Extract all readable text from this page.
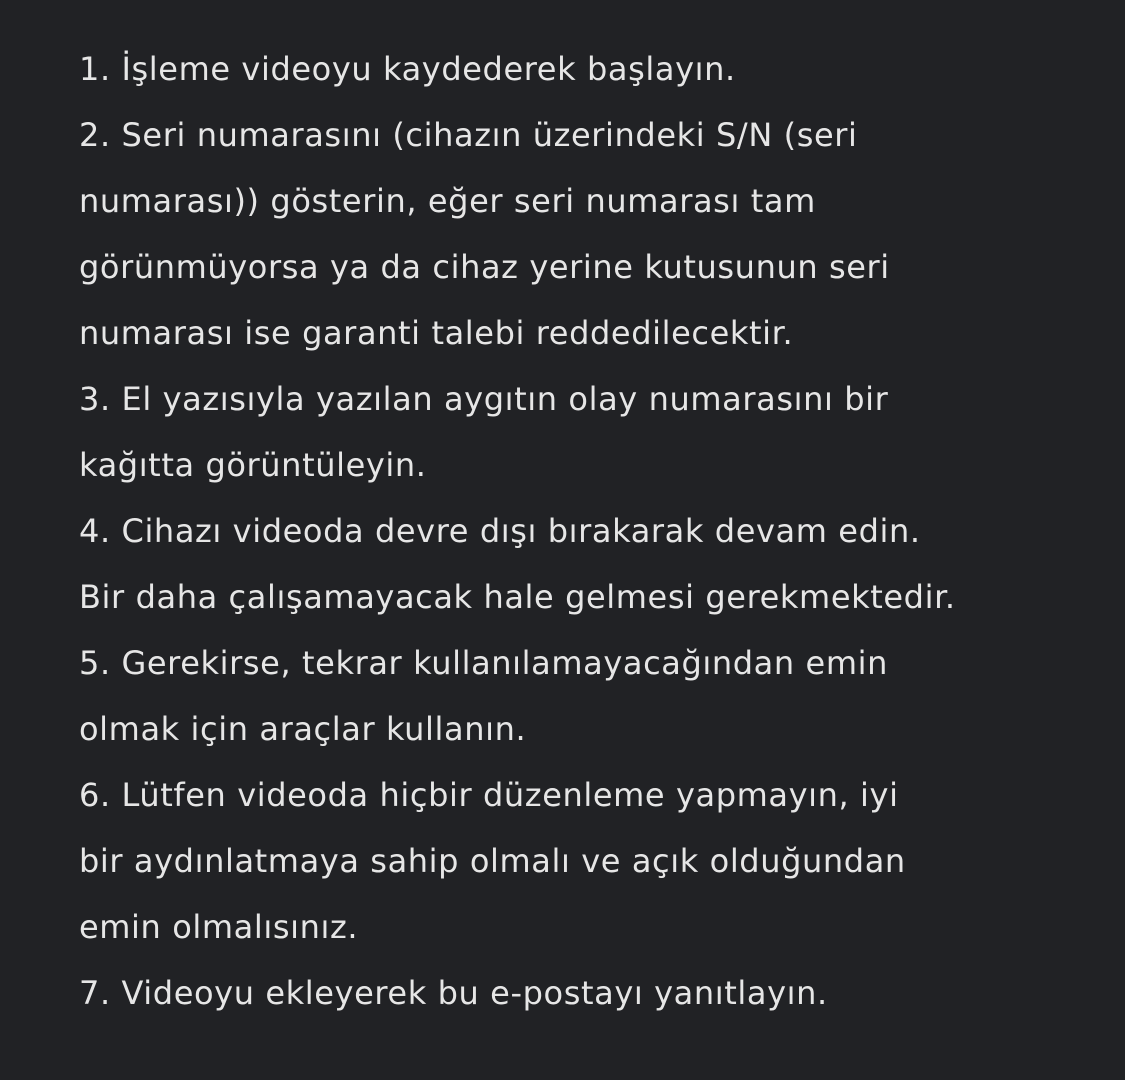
1. İşleme videoyu kaydederek başlayın.
2. Seri numarasını (cihazın üzerindeki S/N (seri
numarası)) gösterin, eğer seri numarası tam
görünmüyorsa ya da cihaz yerine kutusunun seri
numarası ise garanti talebi reddedilecektir.
3. El yazısıyla yazılan aygıtın olay numarasını bir
kağıtta görüntüleyin.
4. Cihazı videoda devre dışı bırakarak devam edin.
Bir daha çalışamayacak hale gelmesi gerekmektedir.
5. Gerekirse, tekrar kullanılamayacağından emin
olmak için araçlar kullanın.
6. Lütfen videoda hiçbir düzenleme yapmayın, iyi
bir aydınlatmaya sahip olmalı ve açık olduğundan
emin olmalısınız.
7. Videoyu ekleyerek bu e-postayı yanıtlayın.
